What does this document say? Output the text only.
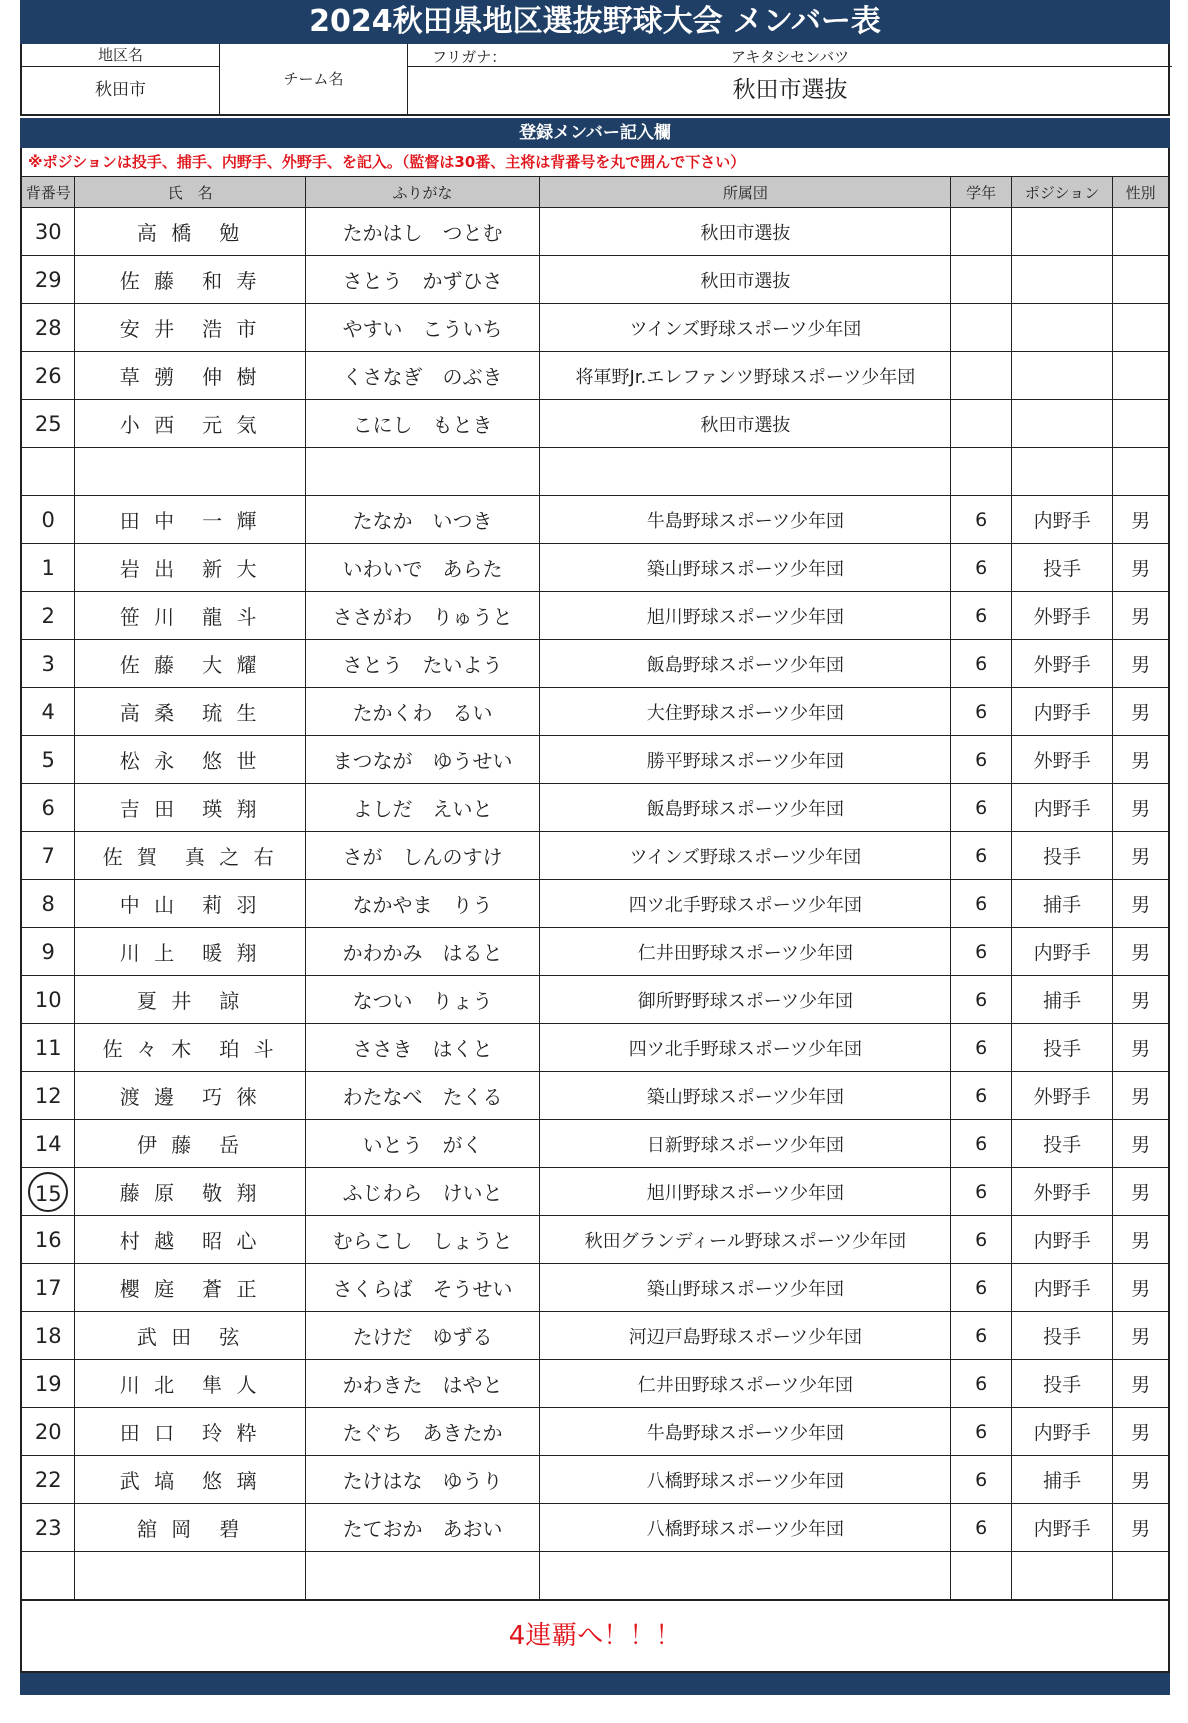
2024秋田県地区選抜野球大会 メンバー表
地区名
秋田市
チーム名
フリガナ：	アキタシセンバツ
秋田市選抜
登録メンバー記入欄
※ポジションは投手、捕手、内野手、外野手、を記入。（監督は30番、主将は背番号を丸で囲んで下さい）
背番号	氏　名	ふりがな	所属団	学年	ポジション	性別
30	高 橋　勉	たかはし　つとむ	秋田市選抜			
29	佐 藤　和 寿	さとう　かずひさ	秋田市選抜			
28	安 井　浩 市	やすい　こういち	ツインズ野球スポーツ少年団			
26	草 彅　伸 樹	くさなぎ　のぶき	将軍野Jr.エレファンツ野球スポーツ少年団			
25	小 西　元 気	こにし　もとき	秋田市選抜			

0	田 中　一 輝	たなか　いつき	牛島野球スポーツ少年団	6	内野手	男
1	岩 出　新 大	いわいで　あらた	築山野球スポーツ少年団	6	投手	男
2	笹 川　龍 斗	ささがわ　りゅうと	旭川野球スポーツ少年団	6	外野手	男
3	佐 藤　大 耀	さとう　たいよう	飯島野球スポーツ少年団	6	外野手	男
4	高 桑　琉 生	たかくわ　るい	大住野球スポーツ少年団	6	内野手	男
5	松 永　悠 世	まつなが　ゆうせい	勝平野球スポーツ少年団	6	外野手	男
6	吉 田　瑛 翔	よしだ　えいと	飯島野球スポーツ少年団	6	内野手	男
7	佐 賀　真 之 右	さが　しんのすけ	ツインズ野球スポーツ少年団	6	投手	男
8	中 山　莉 羽	なかやま　りう	四ツ北手野球スポーツ少年団	6	捕手	男
9	川 上　暖 翔	かわかみ　はると	仁井田野球スポーツ少年団	6	内野手	男
10	夏 井　諒	なつい　りょう	御所野野球スポーツ少年団	6	捕手	男
11	佐 々 木　珀 斗	ささき　はくと	四ツ北手野球スポーツ少年団	6	投手	男
12	渡 邊　巧 徠	わたなべ　たくる	築山野球スポーツ少年団	6	外野手	男
14	伊 藤　岳	いとう　がく	日新野球スポーツ少年団	6	投手	男
15	藤 原　敬 翔	ふじわら　けいと	旭川野球スポーツ少年団	6	外野手	男
16	村 越　昭 心	むらこし　しょうと	秋田グランディール野球スポーツ少年団	6	内野手	男
17	櫻 庭　蒼 正	さくらば　そうせい	築山野球スポーツ少年団	6	内野手	男
18	武 田　弦	たけだ　ゆずる	河辺戸島野球スポーツ少年団	6	投手	男
19	川 北　隼 人	かわきた　はやと	仁井田野球スポーツ少年団	6	投手	男
20	田 口　玲 粋	たぐち　あきたか	牛島野球スポーツ少年団	6	内野手	男
22	武 塙　悠 璃	たけはな　ゆうり	八橋野球スポーツ少年団	6	捕手	男
23	舘 岡　碧	たておか　あおい	八橋野球スポーツ少年団	6	内野手	男

4連覇へ！！！
